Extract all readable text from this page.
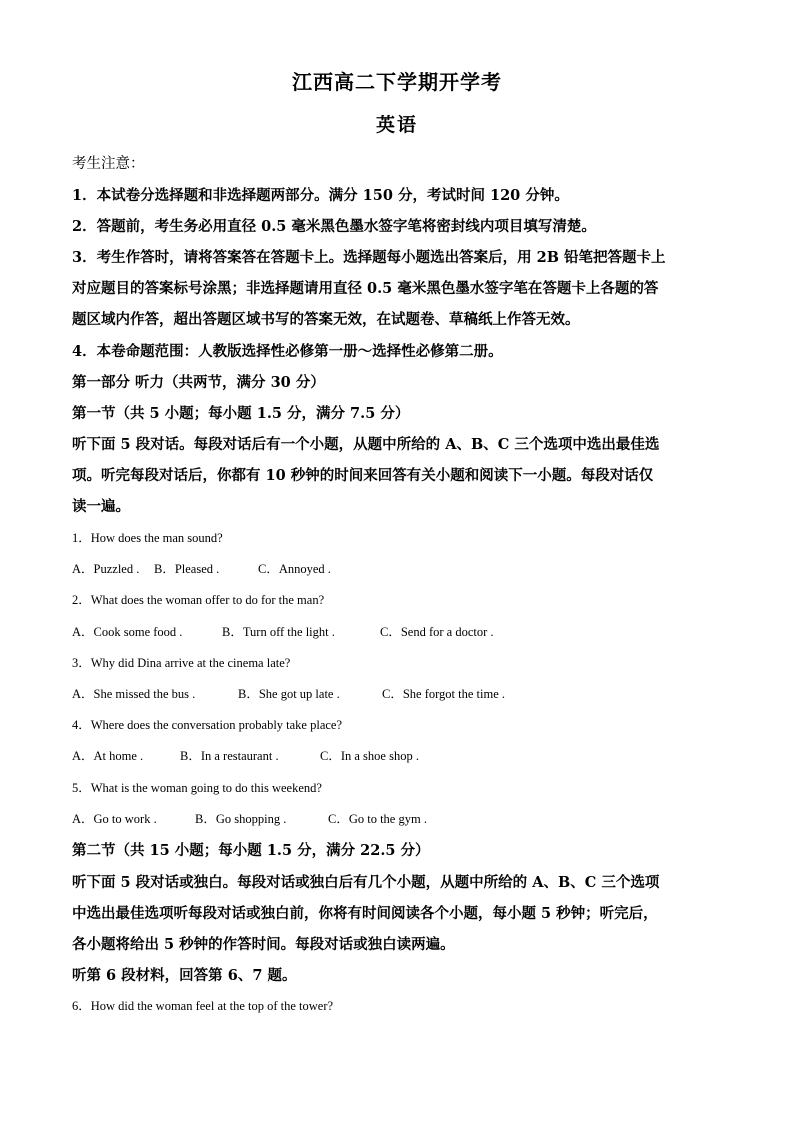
江西高二下学期开学考
英语
考生注意：
1．本试卷分选择题和非选择题两部分。满分 150 分，考试时间 120 分钟。
2．答题前，考生务必用直径 0.5 毫米黑色墨水签字笔将密封线内项目填写清楚。
3．考生作答时，请将答案答在答题卡上。选择题每小题选出答案后，用 2B 铅笔把答题卡上
对应题目的答案标号涂黑；非选择题请用直径 0.5 毫米黑色墨水签字笔在答题卡上各题的答
题区域内作答，超出答题区域书写的答案无效，在试题卷、草稿纸上作答无效。
4．本卷命题范围：人教版选择性必修第一册～选择性必修第二册。
第一部分 听力（共两节，满分 30 分）
第一节（共 5 小题；每小题 1.5 分，满分 7.5 分）
听下面 5 段对话。每段对话后有一个小题，从题中所给的 A、B、C 三个选项中选出最佳选
项。听完每段对话后，你都有 10 秒钟的时间来回答有关小题和阅读下一小题。每段对话仅
读一遍。
1．How does the man sound?
A．Puzzled . B．Pleased .	C．Annoyed .
2．What does the woman offer to do for the man?
A．Cook some food .	B．Turn off the light .	C．Send for a doctor .
3．Why did Dina arrive at the cinema late?
A．She missed the bus .	B．She got up late .	C．She forgot the time .
4．Where does the conversation probably take place?
A．At home .	B．In a restaurant .	C．In a shoe shop .
5．What is the woman going to do this weekend?
A．Go to work .	B．Go shopping .	C．Go to the gym .
第二节（共 15 小题；每小题 1.5 分，满分 22.5 分）
听下面 5 段对话或独白。每段对话或独白后有几个小题，从题中所给的 A、B、C 三个选项
中选出最佳选项听每段对话或独白前，你将有时间阅读各个小题，每小题 5 秒钟；听完后，
各小题将给出 5 秒钟的作答时间。每段对话或独白读两遍。
听第 6 段材料，回答第 6、7 题。
6．How did the woman feel at the top of the tower?
